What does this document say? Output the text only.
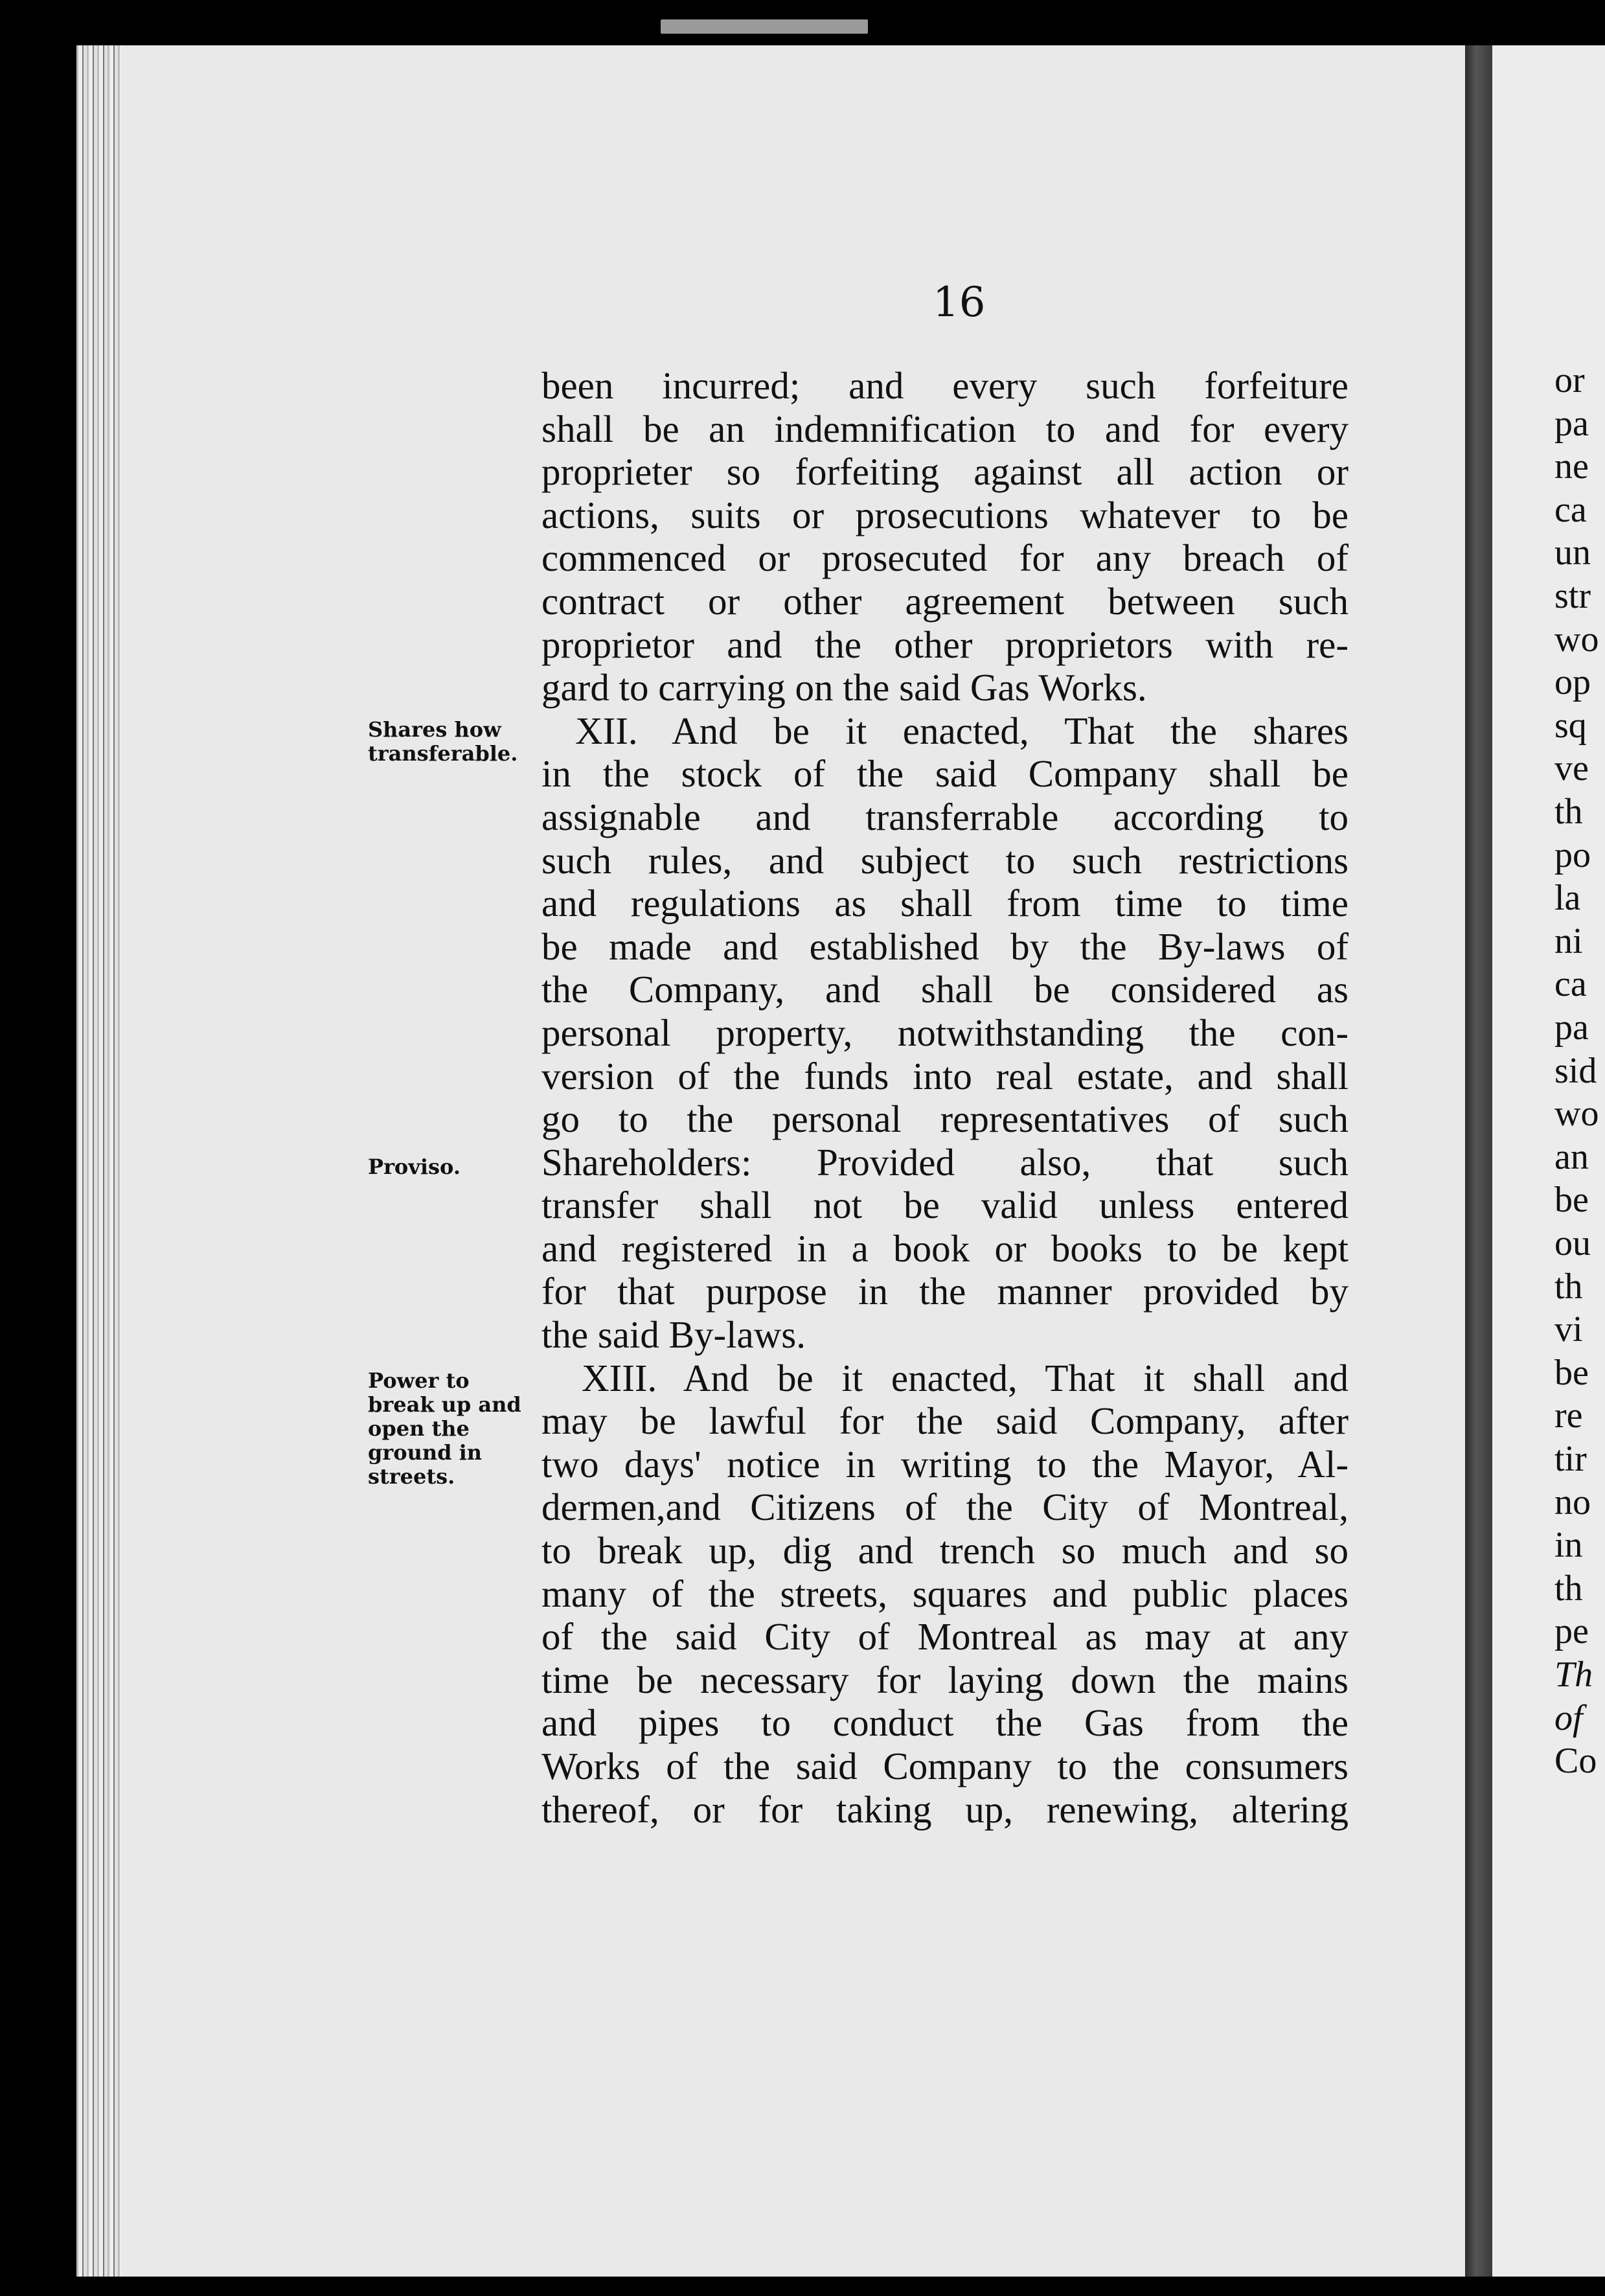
16
been incurred; and every such forfeiture
shall be an indemnification to and for every
proprieter so forfeiting against all action or
actions, suits or prosecutions whatever to be
commenced or prosecuted for any breach of
contract or other agreement between such
proprietor and the other proprietors with re-
gard to carrying on the said Gas Works.
XII. And be it enacted, That the shares
in the stock of the said Company shall be
assignable and transferrable according to
such rules, and subject to such restrictions
and regulations as shall from time to time
be made and established by the By-laws of
the Company, and shall be considered as
personal property, notwithstanding the con-
version of the funds into real estate, and shall
go to the personal representatives of such
Shareholders: Provided also, that such
transfer shall not be valid unless entered
and registered in a book or books to be kept
for that purpose in the manner provided by
the said By-laws.
XIII. And be it enacted, That it shall and
may be lawful for the said Company, after
two days' notice in writing to the Mayor, Al-
dermen,and Citizens of the City of Montreal,
to break up, dig and trench so much and so
many of the streets, squares and public places
of the said City of Montreal as may at any
time be necessary for laying down the mains
and pipes to conduct the Gas from the
Works of the said Company to the consumers
thereof, or for taking up, renewing, altering
Shares how
transferable.
Proviso.
Power to
break up and
open the
ground in
streets.
or
pa
ne
ca
un
str
wo
op
sq
ve
th
po
la
ni
ca
pa
sid
wo
an
be
ou
th
vi
be
re
tir
no
in
th
pe
Th
of
Co
